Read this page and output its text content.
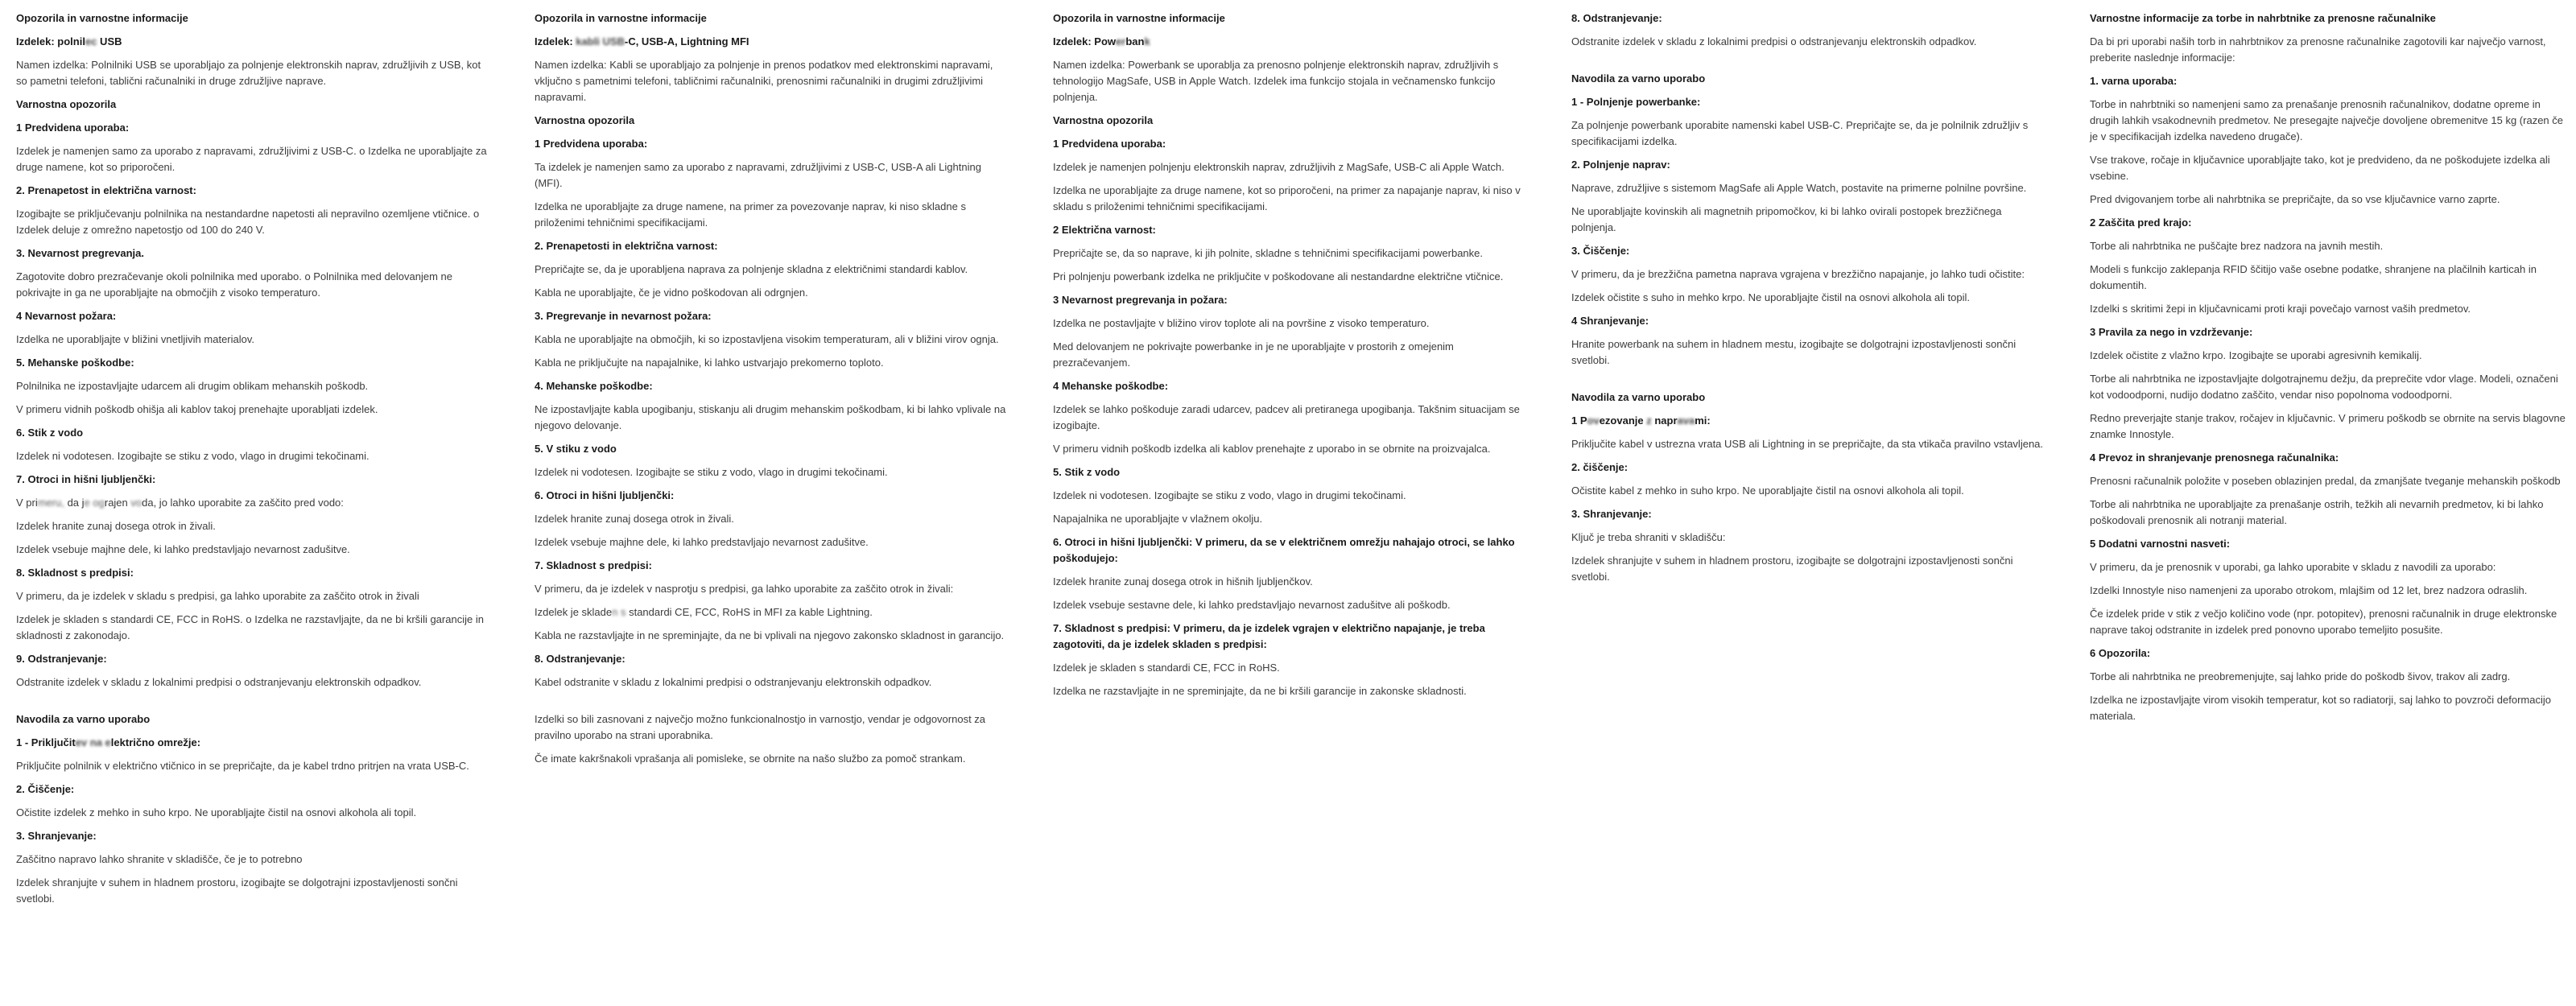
Opozorila in varnostne informacije
Izdelek: polnilec USB
Namen izdelka: Polnilniki USB se uporabljajo za polnjenje elektronskih naprav, združljivih z USB, kot so pametni telefoni, tablični računalniki in druge združljive naprave.
Varnostna opozorila
1 Predvidena uporaba:
Izdelek je namenjen samo za uporabo z napravami, združljivimi z USB-C. o Izdelka ne uporabljajte za druge namene, kot so priporočeni.
2. Prenapetost in električna varnost:
Izogibajte se priključevanju polnilnika na nestandardne napetosti ali nepravilno ozemljene vtičnice. o Izdelek deluje z omrežno napetostjo od 100 do 240 V.
3. Nevarnost pregrevanja.
Zagotovite dobro prezračevanje okoli polnilnika med uporabo. o Polnilnika med delovanjem ne pokrivajte in ga ne uporabljajte na območjih z visoko temperaturo.
4 Nevarnost požara:
Izdelka ne uporabljajte v bližini vnetljivih materialov.
5. Mehanske poškodbe:
Polnilnika ne izpostavljajte udarcem ali drugim oblikam mehanskih poškodb.
V primeru vidnih poškodb ohišja ali kablov takoj prenehajte uporabljati izdelek.
6. Stik z vodo
Izdelek ni vodotesen. Izogibajte se stiku z vodo, vlago in drugimi tekočinami.
7. Otroci in hišni ljubljenčki:
V primeru, da je ograjen voda, jo lahko uporabite za zaščito pred vodo:
Izdelek hranite zunaj dosega otrok in živali.
Izdelek vsebuje majhne dele, ki lahko predstavljajo nevarnost zadušitve.
8. Skladnost s predpisi:
V primeru, da je izdelek v skladu s predpisi, ga lahko uporabite za zaščito otrok in živali
Izdelek je skladen s standardi CE, FCC in RoHS. o Izdelka ne razstavljajte, da ne bi kršili garancije in skladnosti z zakonodajo.
9. Odstranjevanje:
Odstranite izdelek v skladu z lokalnimi predpisi o odstranjevanju elektronskih odpadkov.
Navodila za varno uporabo
1 - Priključitev na električno omrežje:
Priključite polnilnik v električno vtičnico in se prepričajte, da je kabel trdno pritrjen na vrata USB-C.
2. Čiščenje:
Očistite izdelek z mehko in suho krpo. Ne uporabljajte čistil na osnovi alkohola ali topil.
3. Shranjevanje:
Zaščitno napravo lahko shranite v skladišče, če je to potrebno
Izdelek shranjujte v suhem in hladnem prostoru, izogibajte se dolgotrajni izpostavljenosti sončni svetlobi.
Opozorila in varnostne informacije
Izdelek: kabli USB-C, USB-A, Lightning MFI
Namen izdelka: Kabli se uporabljajo za polnjenje in prenos podatkov med elektronskimi napravami, vključno s pametnimi telefoni, tabličnimi računalniki, prenosnimi računalniki in drugimi združljivimi napravami.
Varnostna opozorila
1 Predvidena uporaba:
Ta izdelek je namenjen samo za uporabo z napravami, združljivimi z USB-C, USB-A ali Lightning (MFI).
Izdelka ne uporabljajte za druge namene, na primer za povezovanje naprav, ki niso skladne s priloženimi tehničnimi specifikacijami.
2. Prenapetosti in električna varnost:
Prepričajte se, da je uporabljena naprava za polnjenje skladna z električnimi standardi kablov.
Kabla ne uporabljajte, če je vidno poškodovan ali odrgnjen.
3. Pregrevanje in nevarnost požara:
Kabla ne uporabljajte na območjih, ki so izpostavljena visokim temperaturam, ali v bližini virov ognja.
Kabla ne priključujte na napajalnike, ki lahko ustvarjajo prekomerno toploto.
4. Mehanske poškodbe:
Ne izpostavljajte kabla upogibanju, stiskanju ali drugim mehanskim poškodbam, ki bi lahko vplivale na njegovo delovanje.
5. V stiku z vodo
Izdelek ni vodotesen. Izogibajte se stiku z vodo, vlago in drugimi tekočinami.
6. Otroci in hišni ljubljenčki:
Izdelek hranite zunaj dosega otrok in živali.
Izdelek vsebuje majhne dele, ki lahko predstavljajo nevarnost zadušitve.
7. Skladnost s predpisi:
V primeru, da je izdelek v nasprotju s predpisi, ga lahko uporabite za zaščito otrok in živali:
Izdelek je skladen s standardi CE, FCC, RoHS in MFI za kable Lightning.
Kabla ne razstavljajte in ne spreminjajte, da ne bi vplivali na njegovo zakonsko skladnost in garancijo.
8. Odstranjevanje:
Kabel odstranite v skladu z lokalnimi predpisi o odstranjevanju elektronskih odpadkov.
Izdelki so bili zasnovani z največjo možno funkcionalnostjo in varnostjo, vendar je odgovornost za pravilno uporabo na strani uporabnika.
Če imate kakršnakoli vprašanja ali pomisleke, se obrnite na našo službo za pomoč strankam.
Opozorila in varnostne informacije
Izdelek: Powerbank
Namen izdelka: Powerbank se uporablja za prenosno polnjenje elektronskih naprav, združljivih s tehnologijo MagSafe, USB in Apple Watch. Izdelek ima funkcijo stojala in večnamensko funkcijo polnjenja.
Varnostna opozorila
1 Predvidena uporaba:
Izdelek je namenjen polnjenju elektronskih naprav, združljivih z MagSafe, USB-C ali Apple Watch.
Izdelka ne uporabljajte za druge namene, kot so priporočeni, na primer za napajanje naprav, ki niso v skladu s priloženimi tehničnimi specifikacijami.
2 Električna varnost:
Prepričajte se, da so naprave, ki jih polnite, skladne s tehničnimi specifikacijami powerbanke.
Pri polnjenju powerbank izdelka ne priključite v poškodovane ali nestandardne električne vtičnice.
3 Nevarnost pregrevanja in požara:
Izdelka ne postavljajte v bližino virov toplote ali na površine z visoko temperaturo.
Med delovanjem ne pokrivajte powerbanke in je ne uporabljajte v prostorih z omejenim prezračevanjem.
4 Mehanske poškodbe:
Izdelek se lahko poškoduje zaradi udarcev, padcev ali pretiranega upogibanja. Takšnim situacijam se izogibajte.
V primeru vidnih poškodb izdelka ali kablov prenehajte z uporabo in se obrnite na proizvajalca.
5. Stik z vodo
Izdelek ni vodotesen. Izogibajte se stiku z vodo, vlago in drugimi tekočinami.
Napajalnika ne uporabljajte v vlažnem okolju.
6. Otroci in hišni ljubljenčki: V primeru, da se v električnem omrežju nahajajo otroci, se lahko poškodujejo:
Izdelek hranite zunaj dosega otrok in hišnih ljubljenčkov.
Izdelek vsebuje sestavne dele, ki lahko predstavljajo nevarnost zadušitve ali poškodb.
7. Skladnost s predpisi: V primeru, da je izdelek vgrajen v električno napajanje, je treba zagotoviti, da je izdelek skladen s predpisi:
Izdelek je skladen s standardi CE, FCC in RoHS.
Izdelka ne razstavljajte in ne spreminjajte, da ne bi kršili garancije in zakonske skladnosti.
8. Odstranjevanje:
Odstranite izdelek v skladu z lokalnimi predpisi o odstranjevanju elektronskih odpadkov.
Navodila za varno uporabo
1 - Polnjenje powerbanke:
Za polnjenje powerbank uporabite namenski kabel USB-C. Prepričajte se, da je polnilnik združljiv s specifikacijami izdelka.
2. Polnjenje naprav:
Naprave, združljive s sistemom MagSafe ali Apple Watch, postavite na primerne polnilne površine.
Ne uporabljajte kovinskih ali magnetnih pripomočkov, ki bi lahko ovirali postopek brezžičnega polnjenja.
3. Čiščenje:
V primeru, da je brezžična pametna naprava vgrajena v brezžično napajanje, jo lahko tudi očistite:
Izdelek očistite s suho in mehko krpo. Ne uporabljajte čistil na osnovi alkohola ali topil.
4 Shranjevanje:
Hranite powerbank na suhem in hladnem mestu, izogibajte se dolgotrajni izpostavljenosti sončni svetlobi.
Navodila za varno uporabo
1 Povezovanje z napravami:
Priključite kabel v ustrezna vrata USB ali Lightning in se prepričajte, da sta vtikača pravilno vstavljena.
2. čiščenje:
Očistite kabel z mehko in suho krpo. Ne uporabljajte čistil na osnovi alkohola ali topil.
3. Shranjevanje:
Ključ je treba shraniti v skladišču:
Izdelek shranjujte v suhem in hladnem prostoru, izogibajte se dolgotrajni izpostavljenosti sončni svetlobi.
Varnostne informacije za torbe in nahrbtnike za prenosne računalnike
Da bi pri uporabi naših torb in nahrbtnikov za prenosne računalnike zagotovili kar največjo varnost, preberite naslednje informacije:
1. varna uporaba:
Torbe in nahrbtniki so namenjeni samo za prenašanje prenosnih računalnikov, dodatne opreme in drugih lahkih vsakodnevnih predmetov. Ne presegajte največje dovoljene obremenitve 15 kg (razen če je v specifikacijah izdelka navedeno drugače).
Vse trakove, ročaje in ključavnice uporabljajte tako, kot je predvideno, da ne poškodujete izdelka ali vsebine.
Pred dvigovanjem torbe ali nahrbtnika se prepričajte, da so vse ključavnice varno zaprte.
2 Zaščita pred krajo:
Torbe ali nahrbtnika ne puščajte brez nadzora na javnih mestih.
Modeli s funkcijo zaklepanja RFID ščitijo vaše osebne podatke, shranjene na plačilnih karticah in dokumentih.
Izdelki s skritimi žepi in ključavnicami proti kraji povečajo varnost vaših predmetov.
3 Pravila za nego in vzdrževanje:
Izdelek očistite z vlažno krpo. Izogibajte se uporabi agresivnih kemikalij.
Torbe ali nahrbtnika ne izpostavljajte dolgotrajnemu dežju, da preprečite vdor vlage. Modeli, označeni kot vodoodporni, nudijo dodatno zaščito, vendar niso popolnoma vodoodporni.
Redno preverjajte stanje trakov, ročajev in ključavnic. V primeru poškodb se obrnite na servis blagovne znamke Innostyle.
4 Prevoz in shranjevanje prenosnega računalnika:
Prenosni računalnik položite v poseben oblazinjen predal, da zmanjšate tveganje mehanskih poškodb
Torbe ali nahrbtnika ne uporabljajte za prenašanje ostrih, težkih ali nevarnih predmetov, ki bi lahko poškodovali prenosnik ali notranji material.
5 Dodatni varnostni nasveti:
V primeru, da je prenosnik v uporabi, ga lahko uporabite v skladu z navodili za uporabo:
Izdelki Innostyle niso namenjeni za uporabo otrokom, mlajšim od 12 let, brez nadzora odraslih.
Če izdelek pride v stik z večjo količino vode (npr. potopitev), prenosni računalnik in druge elektronske naprave takoj odstranite in izdelek pred ponovno uporabo temeljito posušite.
6 Opozorila:
Torbe ali nahrbtnika ne preobremenjujte, saj lahko pride do poškodb šivov, trakov ali zadrg.
Izdelka ne izpostavljajte virom visokih temperatur, kot so radiatorji, saj lahko to povzroči deformacijo materiala.
